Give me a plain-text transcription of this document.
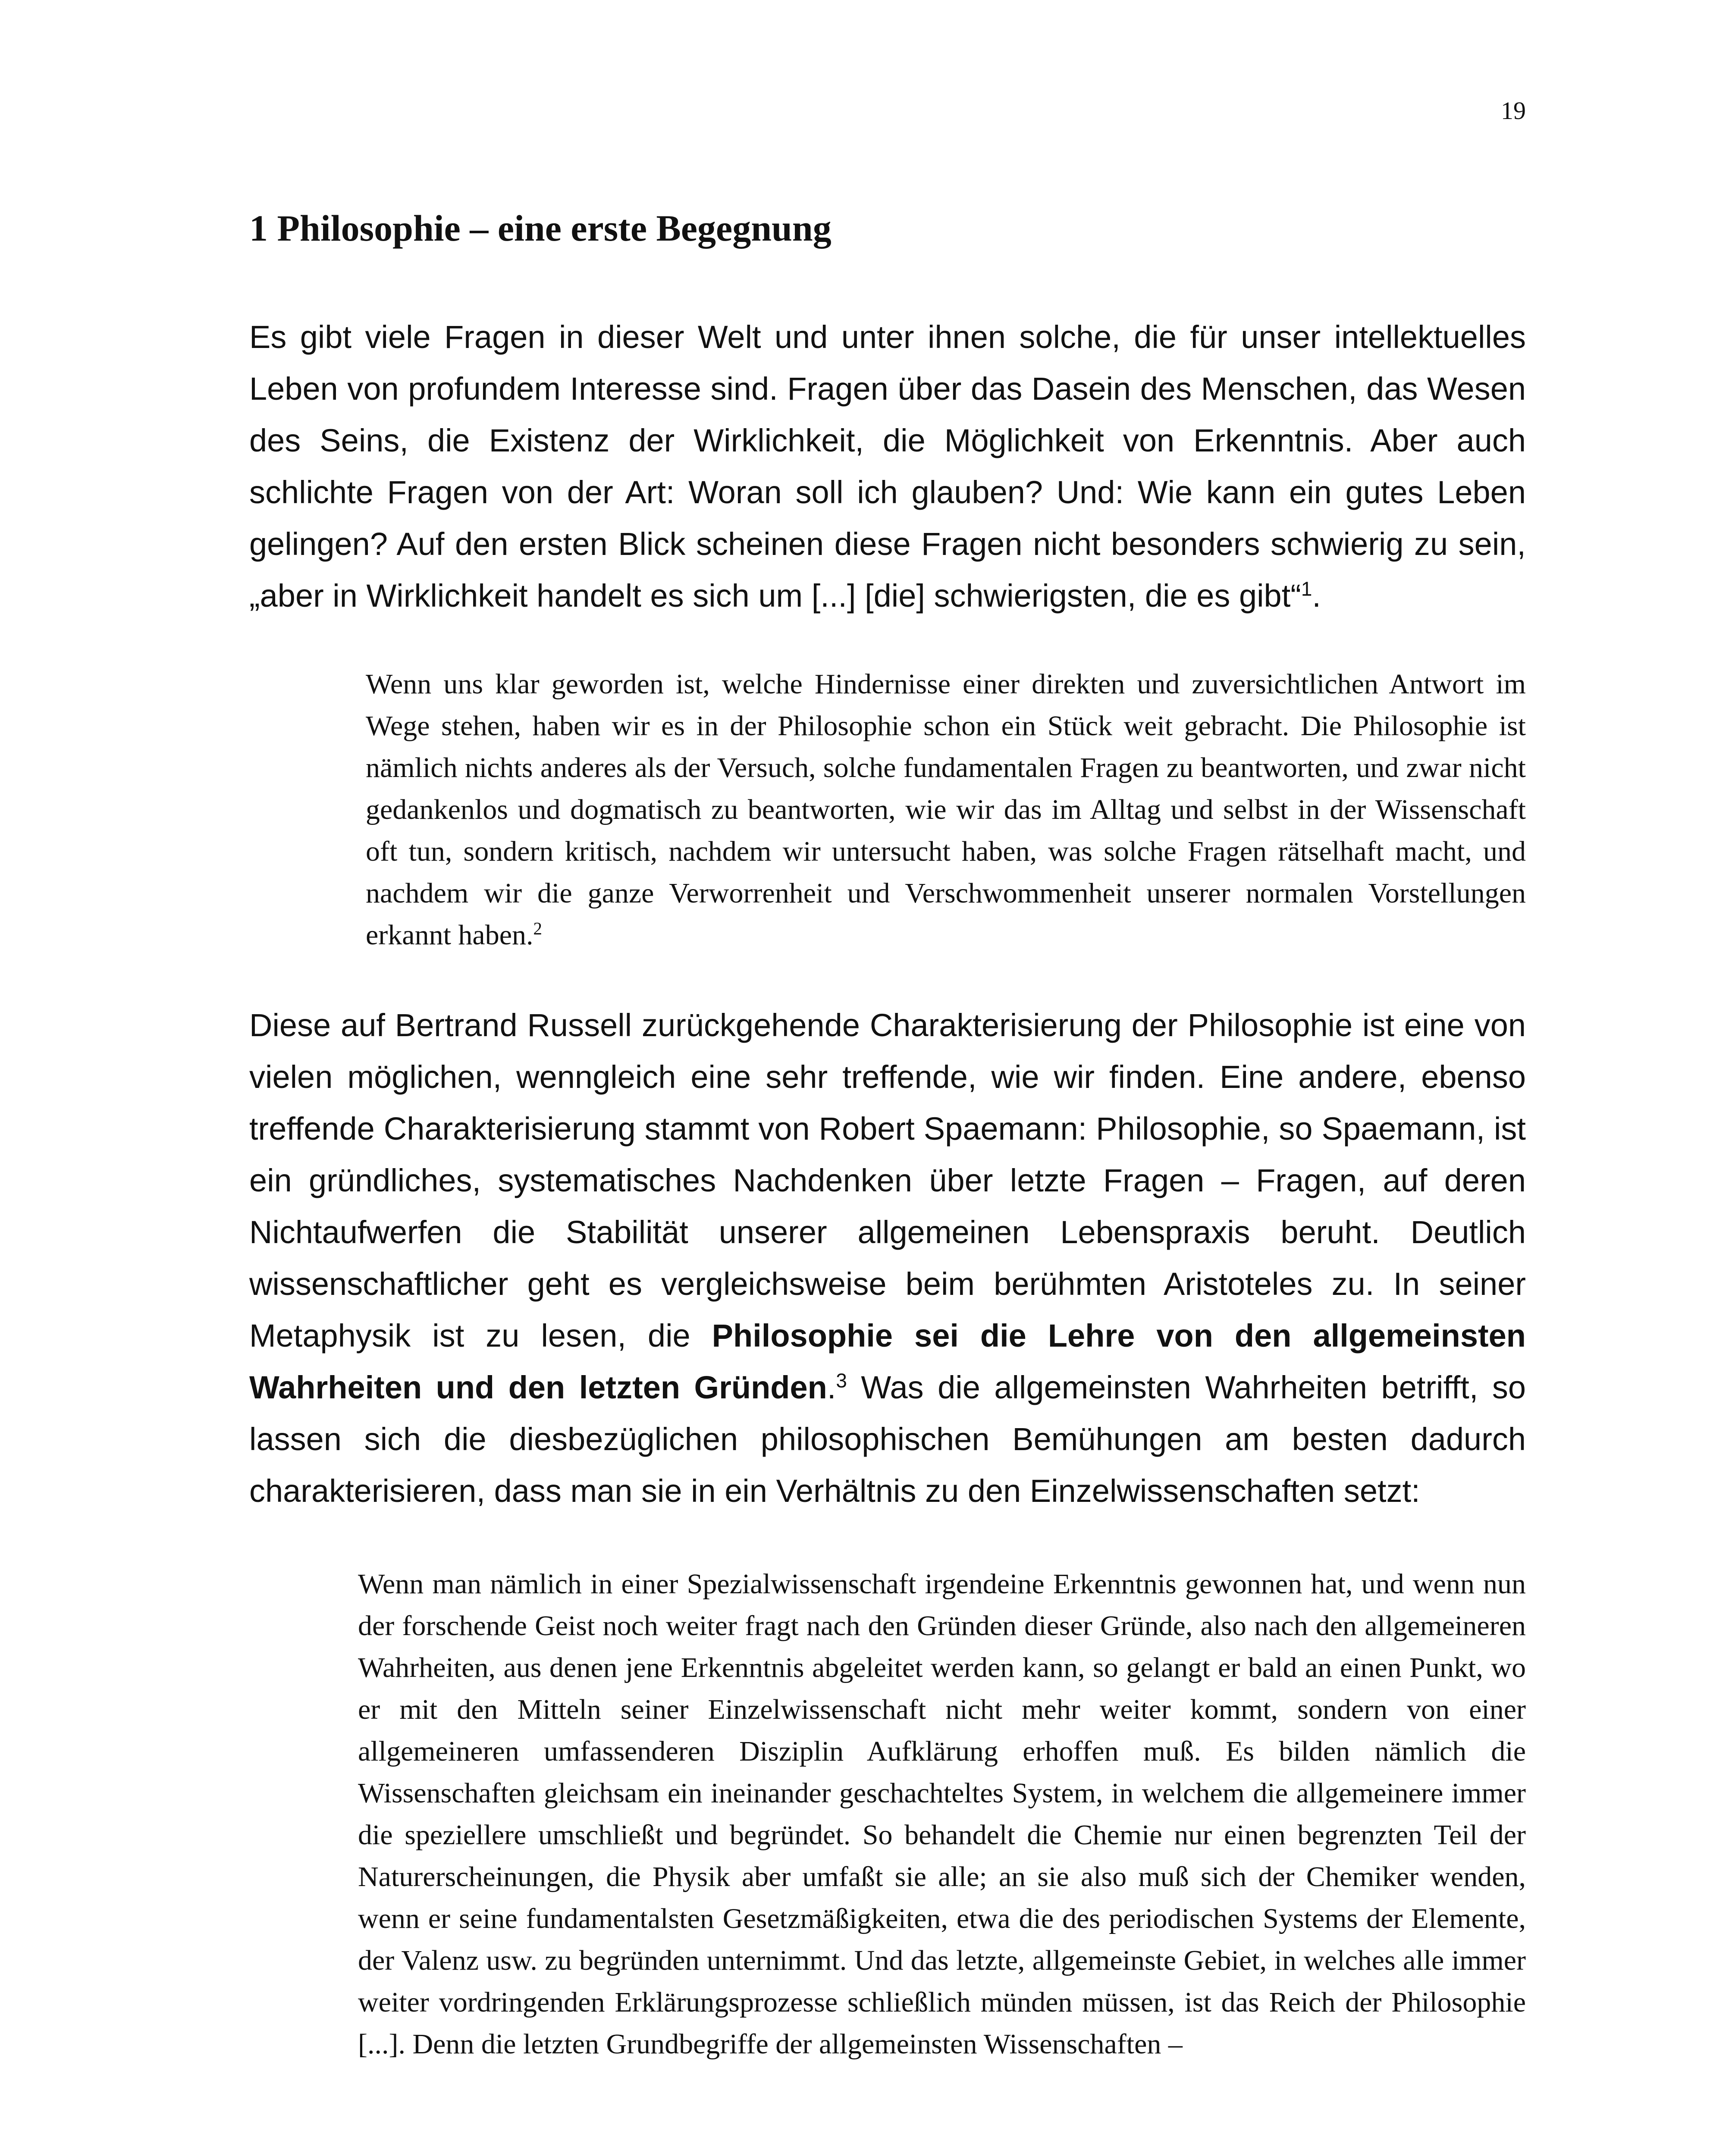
19
1 Philosophie – eine erste Begegnung

Es gibt viele Fragen in dieser Welt und unter ihnen solche, die für unser intellektuelles Leben von profundem Interesse sind. Fragen über das Dasein des Menschen, das Wesen des Seins, die Existenz der Wirklichkeit, die Möglichkeit von Erkenntnis. Aber auch schlichte Fragen von der Art: Woran soll ich glauben? Und: Wie kann ein gutes Leben gelingen? Auf den ersten Blick scheinen diese Fragen nicht besonders schwierig zu sein, „aber in Wirklichkeit handelt es sich um [...] [die] schwierigsten, die es gibt“$^1$.

Wenn uns klar geworden ist, welche Hindernisse einer direkten und zuversichtlichen Antwort im Wege stehen, haben wir es in der Philosophie schon ein Stück weit gebracht. Die Philosophie ist nämlich nichts anderes als der Versuch, solche fundamentalen Fragen zu beantworten, und zwar nicht gedankenlos und dogmatisch zu beantworten, wie wir das im Alltag und selbst in der Wissenschaft oft tun, sondern kritisch, nachdem wir untersucht haben, was solche Fragen rätselhaft macht, und nachdem wir die ganze Verworrenheit und Verschwommenheit unserer normalen Vorstellungen erkannt haben.$^2$

Diese auf Bertrand Russell zurückgehende Charakterisierung der Philosophie ist eine von vielen möglichen, wenngleich eine sehr treffende, wie wir finden. Eine andere, ebenso treffende Charakterisierung stammt von Robert Spaemann: Philosophie, so Spaemann, ist ein gründliches, systematisches Nachdenken über letzte Fragen – Fragen, auf deren Nichtaufwerfen die Stabilität unserer allgemeinen Lebenspraxis beruht. Deutlich wissenschaftlicher geht es vergleichsweise beim berühmten Aristoteles zu. In seiner Metaphysik ist zu lesen, die Philosophie sei die Lehre von den allgemeinsten Wahrheiten und den letzten Gründen.$^3$ Was die allgemeinsten Wahrheiten betrifft, so lassen sich die diesbezüglichen philosophischen Bemühungen am besten dadurch charakterisieren, dass man sie in ein Verhältnis zu den Einzelwissenschaften setzt:

Wenn man nämlich in einer Spezialwissenschaft irgendeine Erkenntnis gewonnen hat, und wenn nun der forschende Geist noch weiter fragt nach den Gründen dieser Gründe, also nach den allgemeineren Wahrheiten, aus denen jene Erkenntnis abgeleitet werden kann, so gelangt er bald an einen Punkt, wo er mit den Mitteln seiner Einzelwissenschaft nicht mehr weiter kommt, sondern von einer allgemeineren umfassenderen Disziplin Aufklärung erhoffen muß. Es bilden nämlich die Wissenschaften gleichsam ein ineinander geschachteltes System, in welchem die allgemeinere immer die speziellere umschließt und begründet. So behandelt die Chemie nur einen begrenzten Teil der Naturerscheinungen, die Physik aber umfaßt sie alle; an sie also muß sich der Chemiker wenden, wenn er seine fundamentalsten Gesetzmäßigkeiten, etwa die des periodischen Systems der Elemente, der Valenz usw. zu begründen unternimmt. Und das letzte, allgemeinste Gebiet, in welches alle immer weiter vordringenden Erklärungsprozesse schließlich münden müssen, ist das Reich der Philosophie [...]. Denn die letzten Grundbegriffe der allgemeinsten Wissenschaften –
